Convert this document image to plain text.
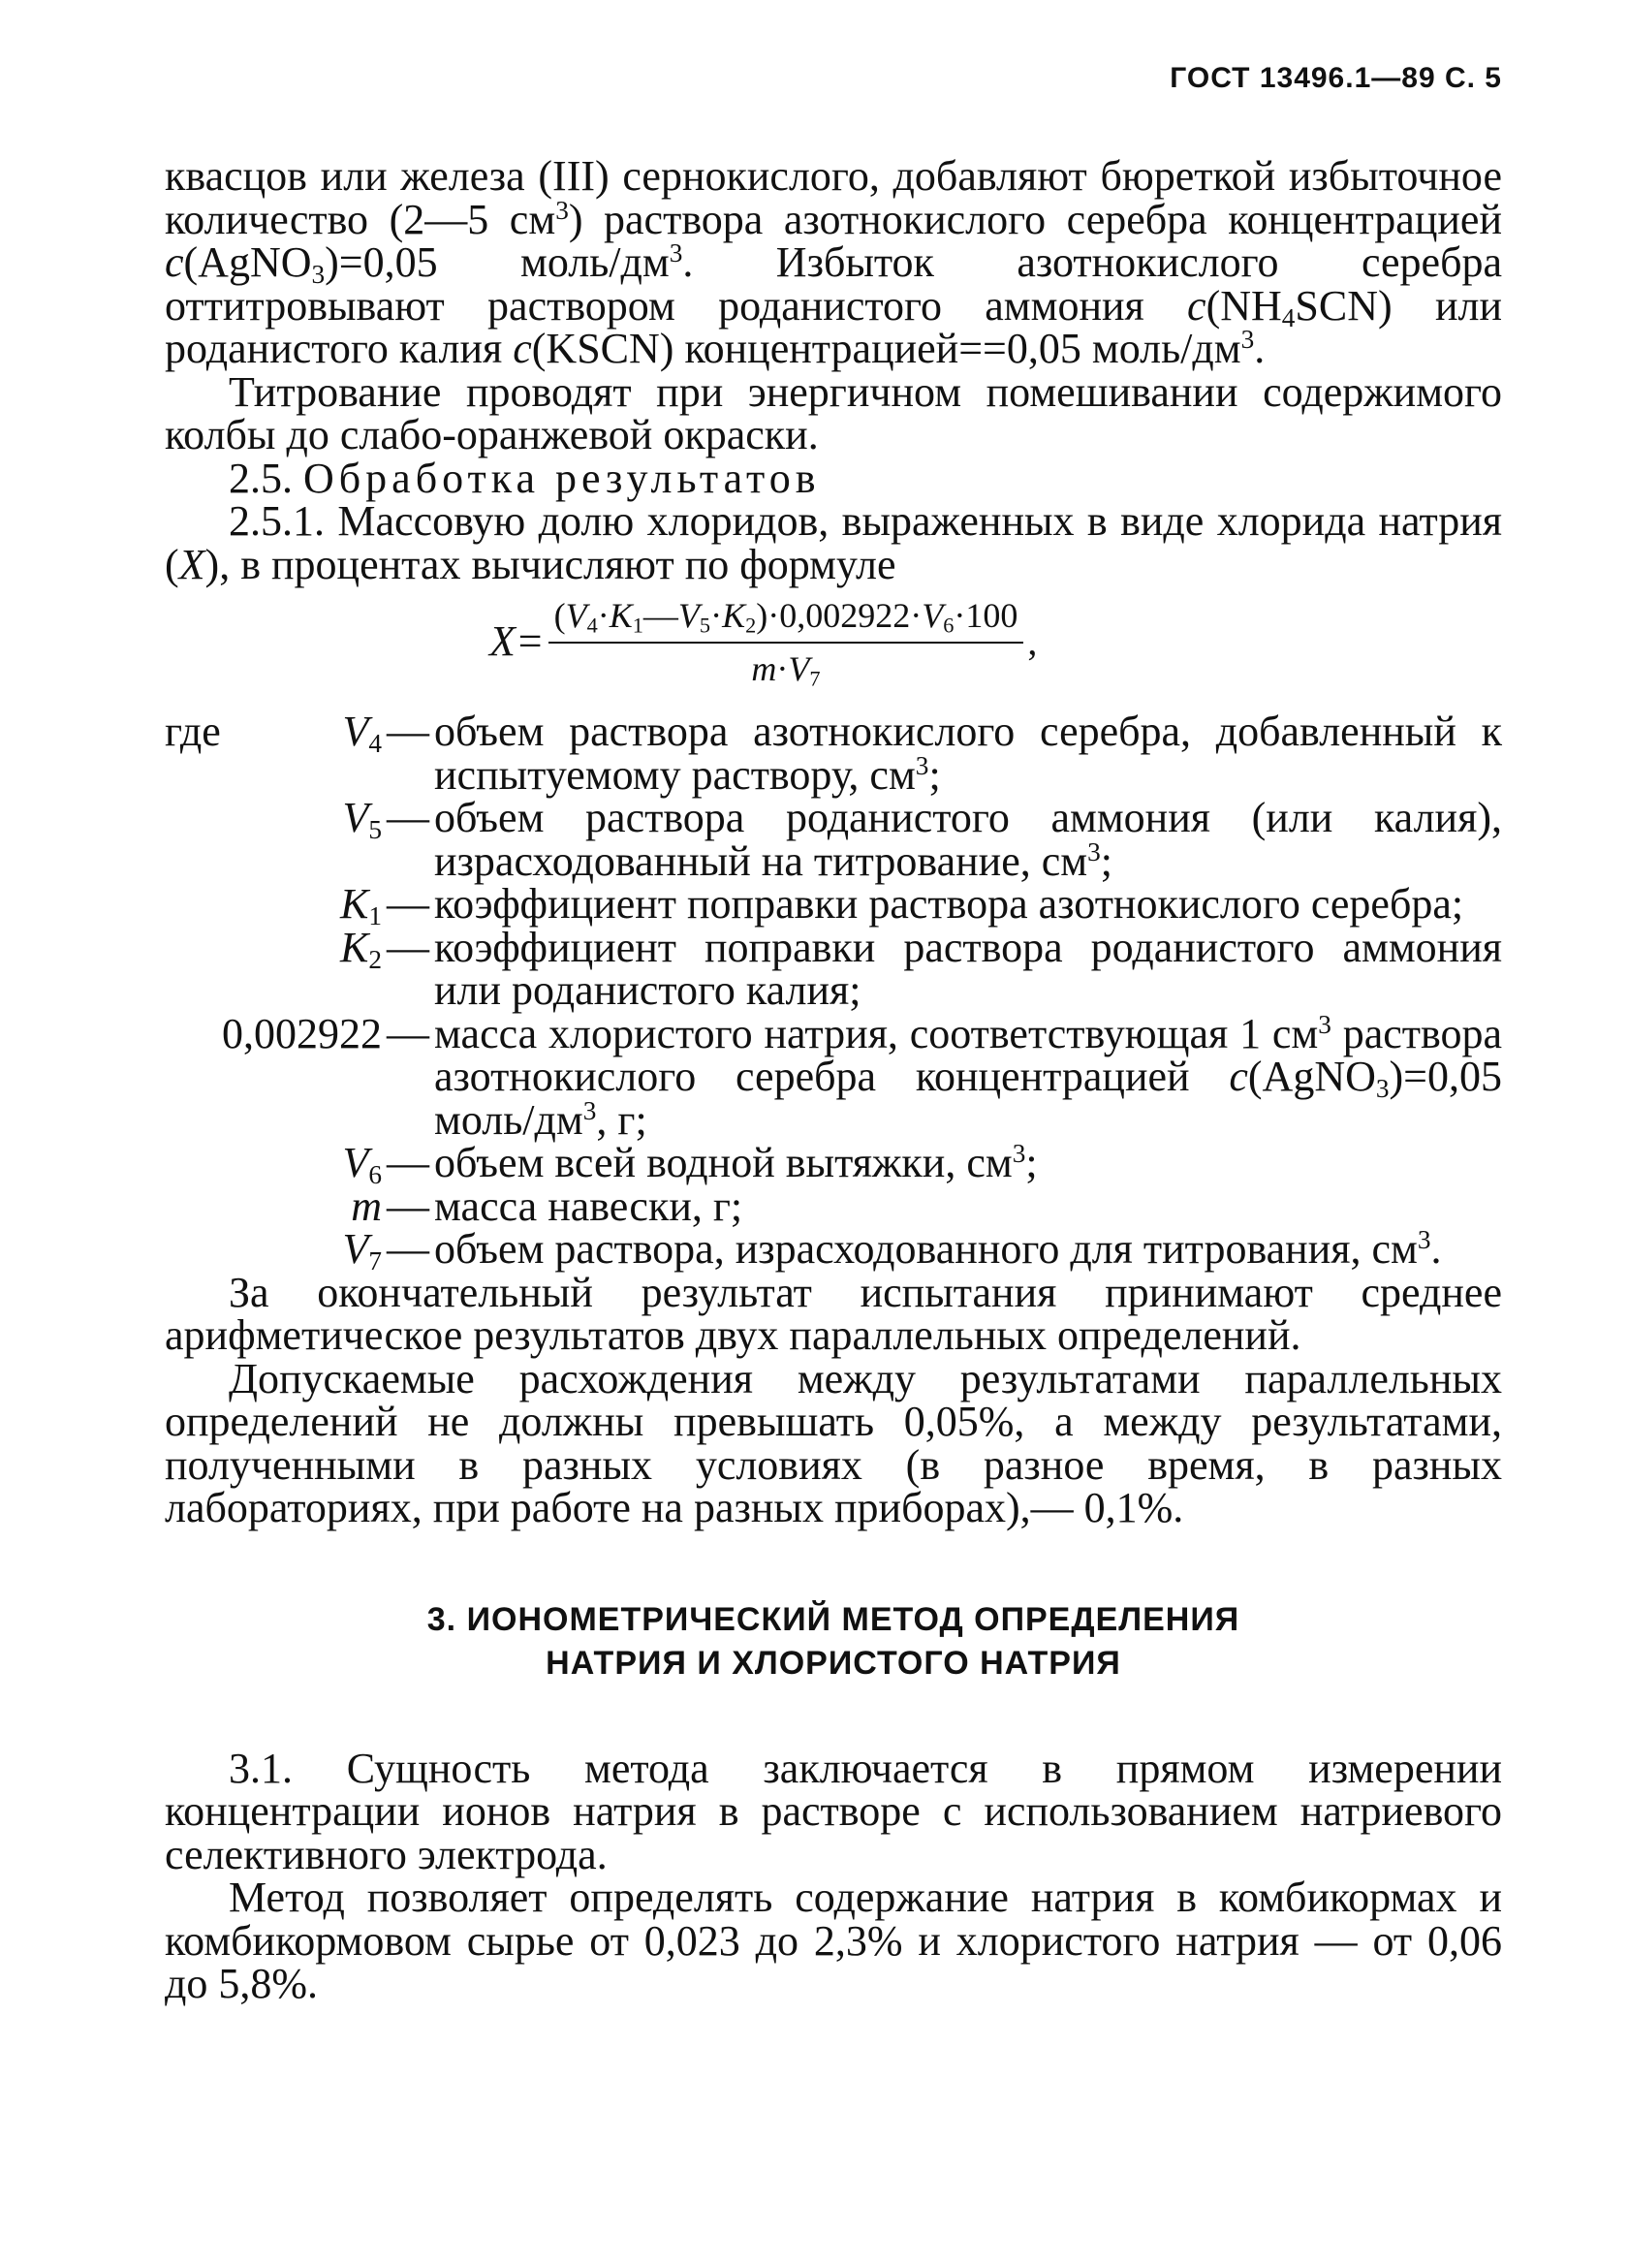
ГОСТ 13496.1—89 С. 5

квасцов или железа (III) сернокислого, добавляют бюреткой избыточное количество (2—5 $см^3$) раствора азотнокислого серебра концентрацией c(AgNO$_3$)=0,05 моль/$дм^3$. Избыток азотнокислого серебра оттитровывают раствором роданистого аммония $c(NH_4SCN)$ или роданистого калия c(KSCN) концентрацией==0,05 моль/$дм^3$.

Титрование проводят при энергичном помешивании содержимого колбы до слабо-оранжевой окраски.

2.5. Обработка результатов

2.5.1. Массовую долю хлоридов, выраженных в виде хлорида натрия (X), в процентах вычисляют по формуле

$X= \frac{(V_4\cdot K_1—V_5\cdot K_2)\cdot 0,002922\cdot V_6\cdot 100}{m\cdot V_7}$ ,
где	$V_4$ — объем раствора азотнокислого серебра, добавленный к испытуемому раствору, $см^3$;
$V_5$ — объем раствора роданистого аммония (или калия), израсходованный на титрование, $см^3$;
$K_1$ — коэффициент поправки раствора азотнокислого серебра;
$K_2$ — коэффициент поправки раствора роданистого аммония или роданистого калия;
0,002922 — масса хлористого натрия, соответствующая 1 $см^3$ раствора азотнокислого серебра концентрацией c(AgNO$_3$)=0,05 моль/$дм^3$, г;
$V_6$ — объем всей водной вытяжки, $см^3$;
m — масса навески, г;
$V_7$ — объем раствора, израсходованного для титрования, $см^3$.

За окончательный результат испытания принимают среднее арифметическое результатов двух параллельных определений.

Допускаемые расхождения между результатами параллельных определений не должны превышать 0,05%, а между результатами, полученными в разных условиях (в разное время, в разных лабораториях, при работе на разных приборах),— 0,1%.

3. ИОНОМЕТРИЧЕСКИЙ МЕТОД ОПРЕДЕЛЕНИЯ
НАТРИЯ И ХЛОРИСТОГО НАТРИЯ

3.1. Сущность метода заключается в прямом измерении концентрации ионов натрия в растворе с использованием натриевого селективного электрода.

Метод позволяет определять содержание натрия в комбикормах и комбикормовом сырье от 0,023 до 2,3% и хлористого натрия — от 0,06 до 5,8%.
